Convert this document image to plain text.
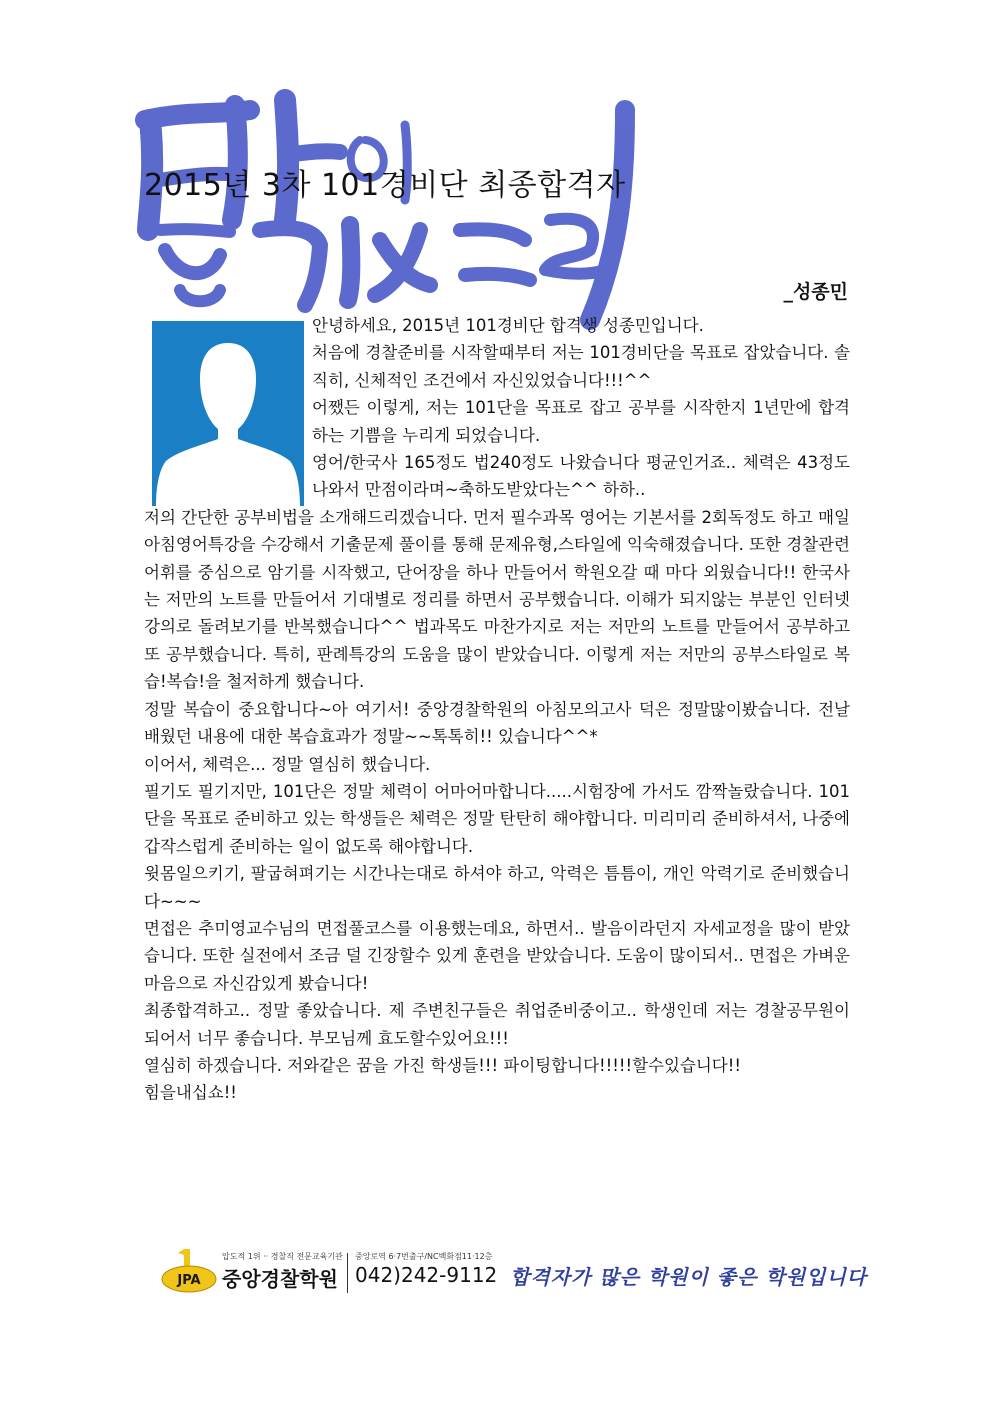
2015년 3차 101경비단 최종합격자
_성종민

안녕하세요, 2015년 101경비단 합격생 성종민입니다.

처음에 경찰준비를 시작할때부터 저는 101경비단을 목표로 잡았습니다. 솔직히, 신체적인 조건에서 자신있었습니다!!!^^

어쨌든 이렇게, 저는 101단을 목표로 잡고 공부를 시작한지 1년만에 합격하는 기쁨을 누리게 되었습니다.

영어/한국사 165정도 법240정도 나왔습니다 평균인거죠.. 체력은 43정도 나와서 만점이라며~축하도받았다는^^ 하하..

저의 간단한 공부비법을 소개해드리겠습니다. 먼저 필수과목 영어는 기본서를 2회독정도 하고 매일 아침영어특강을 수강해서 기출문제 풀이를 통해 문제유형,스타일에 익숙해졌습니다. 또한 경찰관련어휘를 중심으로 암기를 시작했고, 단어장을 하나 만들어서 학원오갈 때 마다 외웠습니다!! 한국사는 저만의 노트를 만들어서 기대별로 정리를 하면서 공부했습니다. 이해가 되지않는 부분인 인터넷강의로 돌려보기를 반복했습니다^^ 법과목도 마찬가지로 저는 저만의 노트를 만들어서 공부하고 또 공부했습니다. 특히, 판례특강의 도움을 많이 받았습니다. 이렇게 저는 저만의 공부스타일로 복습!복습!을 철저하게 했습니다.

정말 복습이 중요합니다~아 여기서! 중앙경찰학원의 아침모의고사 덕은 정말많이봤습니다. 전날 배웠던 내용에 대한 복습효과가 정말~~톡톡히!! 있습니다^^*

이어서, 체력은... 정말 열심히 했습니다.

필기도 필기지만, 101단은 정말 체력이 어마어마합니다.....시험장에 가서도 깜짝놀랐습니다. 101단을 목표로 준비하고 있는 학생들은 체력은 정말 탄탄히 해야합니다. 미리미리 준비하셔서, 나중에 갑작스럽게 준비하는 일이 없도록 해야합니다.

윗몸일으키기, 팔굽혀펴기는 시간나는대로 하셔야 하고, 악력은 틈틈이, 개인 악력기로 준비했습니다~~~

면접은 추미영교수님의 면접풀코스를 이용했는데요, 하면서.. 발음이라던지 자세교정을 많이 받았습니다. 또한 실전에서 조금 덜 긴장할수 있게 훈련을 받았습니다. 도움이 많이되서.. 면접은 가벼운마음으로 자신감있게 봤습니다!

최종합격하고.. 정말 좋았습니다. 제 주변친구들은 취업준비중이고.. 학생인데 저는 경찰공무원이 되어서 너무 좋습니다. 부모님께 효도할수있어요!!!

열심히 하겠습니다. 저와같은 꿈을 가진 학생들!!! 파이팅합니다!!!!!할수있습니다!!

힘을내십쇼!!

JPA
압도적 1위 ·· 경찰직 전문교육기관
중앙경찰학원
중앙로역 6·7번출구/NC백화점11·12층
042)242-9112 합격자가 많은 학원이 좋은 학원입니다
